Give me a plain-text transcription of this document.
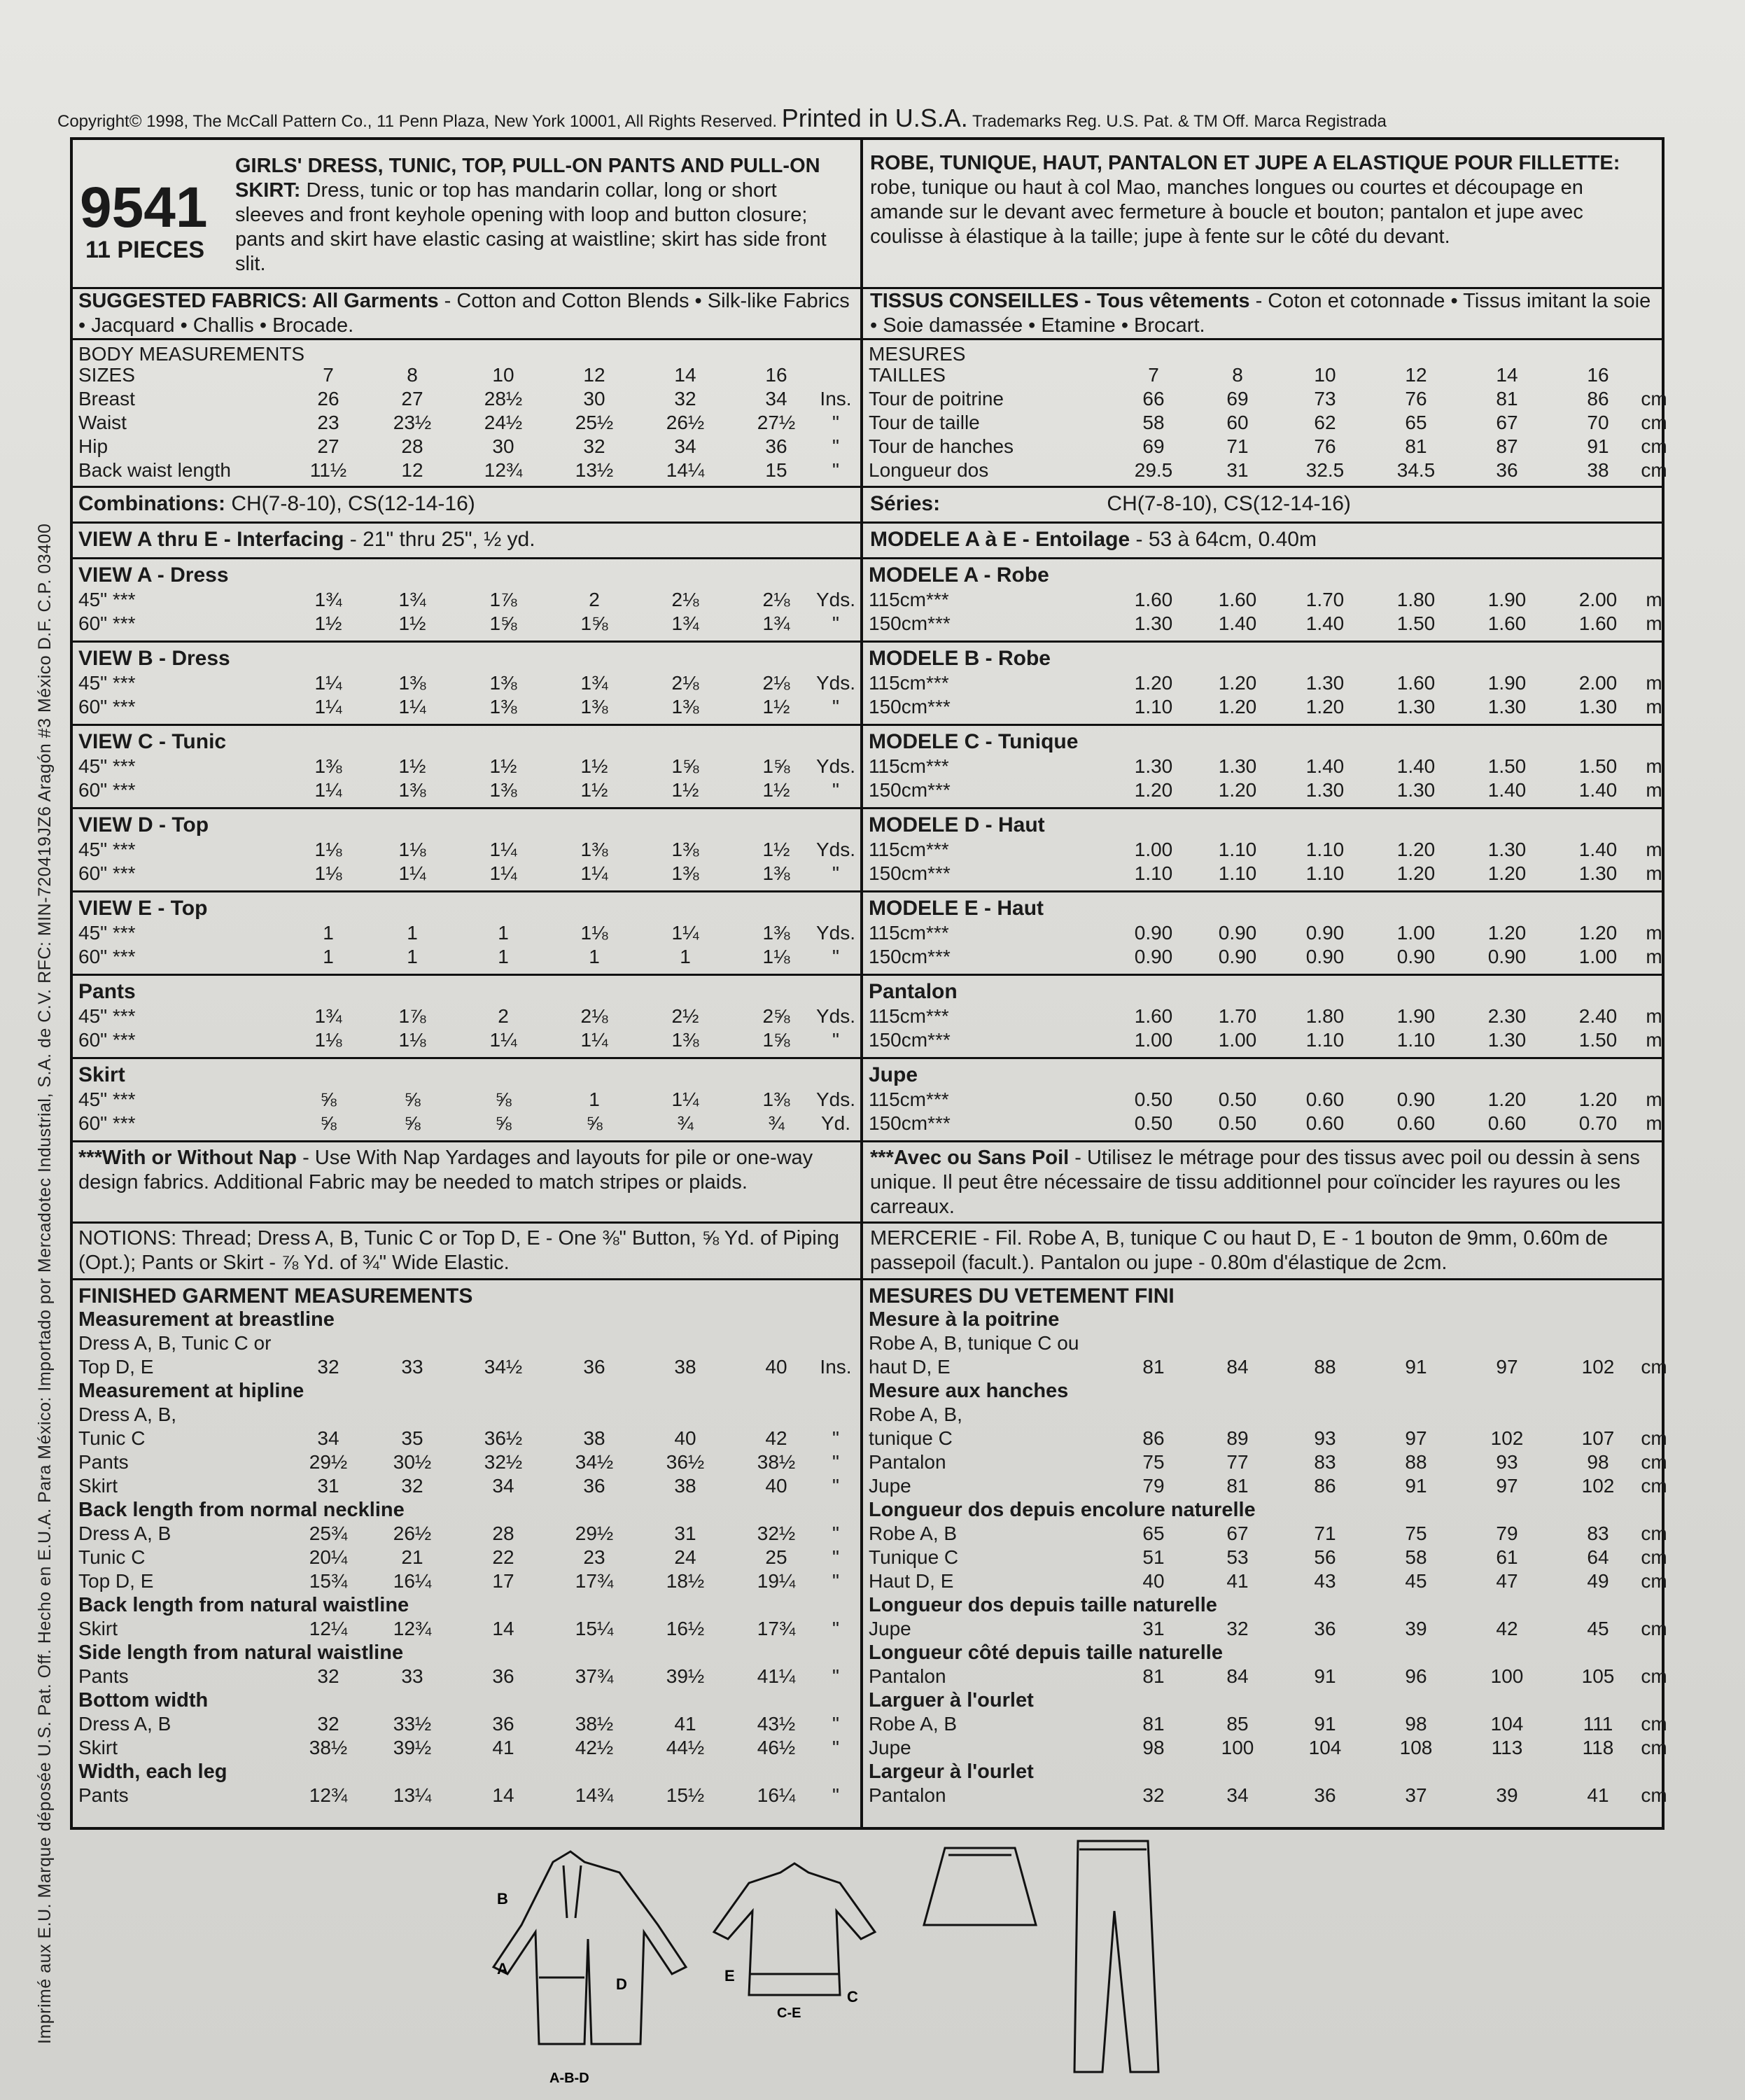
Imprimé aux E.U. Marque déposée U.S. Pat. Off. Hecho en E.U.A. Para México: Importado por Mercadotec Industrial, S.A. de C.V. RFC: MIN-720419JZ6 Aragón #3 México D.F. C.P. 03400
Copyright© 1998, The McCall Pattern Co., 11 Penn Plaza, New York 10001, All Rights Reserved. Printed in U.S.A. Trademarks Reg. U.S. Pat. & TM Off. Marca Registrada
9541
11 PIECES
GIRLS' DRESS, TUNIC, TOP, PULL-ON PANTS AND PULL-ON SKIRT: Dress, tunic or top has mandarin collar, long or short sleeves and front keyhole opening with loop and button closure; pants and skirt have elastic casing at waistline; skirt has side front slit.
SUGGESTED FABRICS: All Garments - Cotton and Cotton Blends • Silk-like Fabrics • Jacquard • Challis • Brocade.
BODY MEASUREMENTS
SIZES	7	8	10	12	14	16
Breast	26	27	28½	30	32	34	Ins.
Waist	23	23½	24½	25½	26½	27½	"
Hip	27	28	30	32	34	36	"
Back waist length	11½	12	12¾	13½	14¼	15	"
Combinations: CH(7-8-10), CS(12-14-16)
VIEW A thru E - Interfacing - 21" thru 25", ½ yd.
VIEW A - Dress
45" ***	1¾	1¾	1⅞	2	2⅛	2⅛	Yds.
60" ***	1½	1½	1⅝	1⅝	1¾	1¾	"
VIEW B - Dress
45" ***	1¼	1⅜	1⅜	1¾	2⅛	2⅛	Yds.
60" ***	1¼	1¼	1⅜	1⅜	1⅜	1½	"
VIEW C - Tunic
45" ***	1⅜	1½	1½	1½	1⅝	1⅝	Yds.
60" ***	1¼	1⅜	1⅜	1½	1½	1½	"
VIEW D - Top
45" ***	1⅛	1⅛	1¼	1⅜	1⅜	1½	Yds.
60" ***	1⅛	1¼	1¼	1¼	1⅜	1⅜	"
VIEW E - Top
45" ***	1	1	1	1⅛	1¼	1⅜	Yds.
60" ***	1	1	1	1	1	1⅛	"
Pants
45" ***	1¾	1⅞	2	2⅛	2½	2⅝	Yds.
60" ***	1⅛	1⅛	1¼	1¼	1⅜	1⅝	"
Skirt
45" ***	⅝	⅝	⅝	1	1¼	1⅜	Yds.
60" ***	⅝	⅝	⅝	⅝	¾	¾	Yd.
***With or Without Nap - Use With Nap Yardages and layouts for pile or one-way design fabrics. Additional Fabric may be needed to match stripes or plaids.
NOTIONS: Thread; Dress A, B, Tunic C or Top D, E - One ⅜" Button, ⅝ Yd. of Piping (Opt.); Pants or Skirt - ⅞ Yd. of ¾" Wide Elastic.
FINISHED GARMENT MEASUREMENTS
Measurement at breastline
Dress A, B, Tunic C or
Top D, E	32	33	34½	36	38	40	Ins.
Measurement at hipline
Dress A, B,
Tunic C	34	35	36½	38	40	42	"
Pants	29½	30½	32½	34½	36½	38½	"
Skirt	31	32	34	36	38	40	"
Back length from normal neckline
Dress A, B	25¾	26½	28	29½	31	32½	"
Tunic C	20¼	21	22	23	24	25	"
Top D, E	15¾	16¼	17	17¾	18½	19¼	"
Back length from natural waistline
Skirt	12¼	12¾	14	15¼	16½	17¾	"
Side length from natural waistline
Pants	32	33	36	37¾	39½	41¼	"
Bottom width
Dress A, B	32	33½	36	38½	41	43½	"
Skirt	38½	39½	41	42½	44½	46½	"
Width, each leg
Pants	12¾	13¼	14	14¾	15½	16¼	"
ROBE, TUNIQUE, HAUT, PANTALON ET JUPE A ELASTIQUE POUR FILLETTE: robe, tunique ou haut à col Mao, manches longues ou courtes et découpage en amande sur le devant avec fermeture à boucle et bouton; pantalon et jupe avec coulisse à élastique à la taille; jupe à fente sur le côté du devant.
TISSUS CONSEILLES - Tous vêtements - Coton et cotonnade • Tissus imitant la soie • Soie damassée • Etamine • Brocart.
MESURES
TAILLES	7	8	10	12	14	16
Tour de poitrine	66	69	73	76	81	86	cm
Tour de taille	58	60	62	65	67	70	cm
Tour de hanches	69	71	76	81	87	91	cm
Longueur dos	29.5	31	32.5	34.5	36	38	cm
Séries:	CH(7-8-10), CS(12-14-16)
MODELE A à E - Entoilage - 53 à 64cm, 0.40m
MODELE A - Robe
115cm***	1.60	1.60	1.70	1.80	1.90	2.00	m
150cm***	1.30	1.40	1.40	1.50	1.60	1.60	m
MODELE B - Robe
115cm***	1.20	1.20	1.30	1.60	1.90	2.00	m
150cm***	1.10	1.20	1.20	1.30	1.30	1.30	m
MODELE C - Tunique
115cm***	1.30	1.30	1.40	1.40	1.50	1.50	m
150cm***	1.20	1.20	1.30	1.30	1.40	1.40	m
MODELE D - Haut
115cm***	1.00	1.10	1.10	1.20	1.30	1.40	m
150cm***	1.10	1.10	1.10	1.20	1.20	1.30	m
MODELE E - Haut
115cm***	0.90	0.90	0.90	1.00	1.20	1.20	m
150cm***	0.90	0.90	0.90	0.90	0.90	1.00	m
Pantalon
115cm***	1.60	1.70	1.80	1.90	2.30	2.40	m
150cm***	1.00	1.00	1.10	1.10	1.30	1.50	m
Jupe
115cm***	0.50	0.50	0.60	0.90	1.20	1.20	m
150cm***	0.50	0.50	0.60	0.60	0.60	0.70	m
***Avec ou Sans Poil - Utilisez le métrage pour des tissus avec poil ou dessin à sens unique. Il peut être nécessaire de tissu additionnel pour coïncider les rayures ou les carreaux.
MERCERIE - Fil. Robe A, B, tunique C ou haut D, E - 1 bouton de 9mm, 0.60m de passepoil (facult.). Pantalon ou jupe - 0.80m d'élastique de 2cm.
MESURES DU VETEMENT FINI
Mesure à la poitrine
Robe A, B, tunique C ou
haut D, E	81	84	88	91	97	102	cm
Mesure aux hanches
Robe A, B,
tunique C	86	89	93	97	102	107	cm
Pantalon	75	77	83	88	93	98	cm
Jupe	79	81	86	91	97	102	cm
Longueur dos depuis encolure naturelle
Robe A, B	65	67	71	75	79	83	cm
Tunique C	51	53	56	58	61	64	cm
Haut D, E	40	41	43	45	47	49	cm
Longueur dos depuis taille naturelle
Jupe	31	32	36	39	42	45	cm
Longueur côté depuis taille naturelle
Pantalon	81	84	91	96	100	105	cm
Larguer à l'ourlet
Robe A, B	81	85	91	98	104	111	cm
Jupe	98	100	104	108	113	118	cm
Largeur à l'ourlet
Pantalon	32	34	36	37	39	41	cm
A
B
D
A-B-D
E
C
C-E
